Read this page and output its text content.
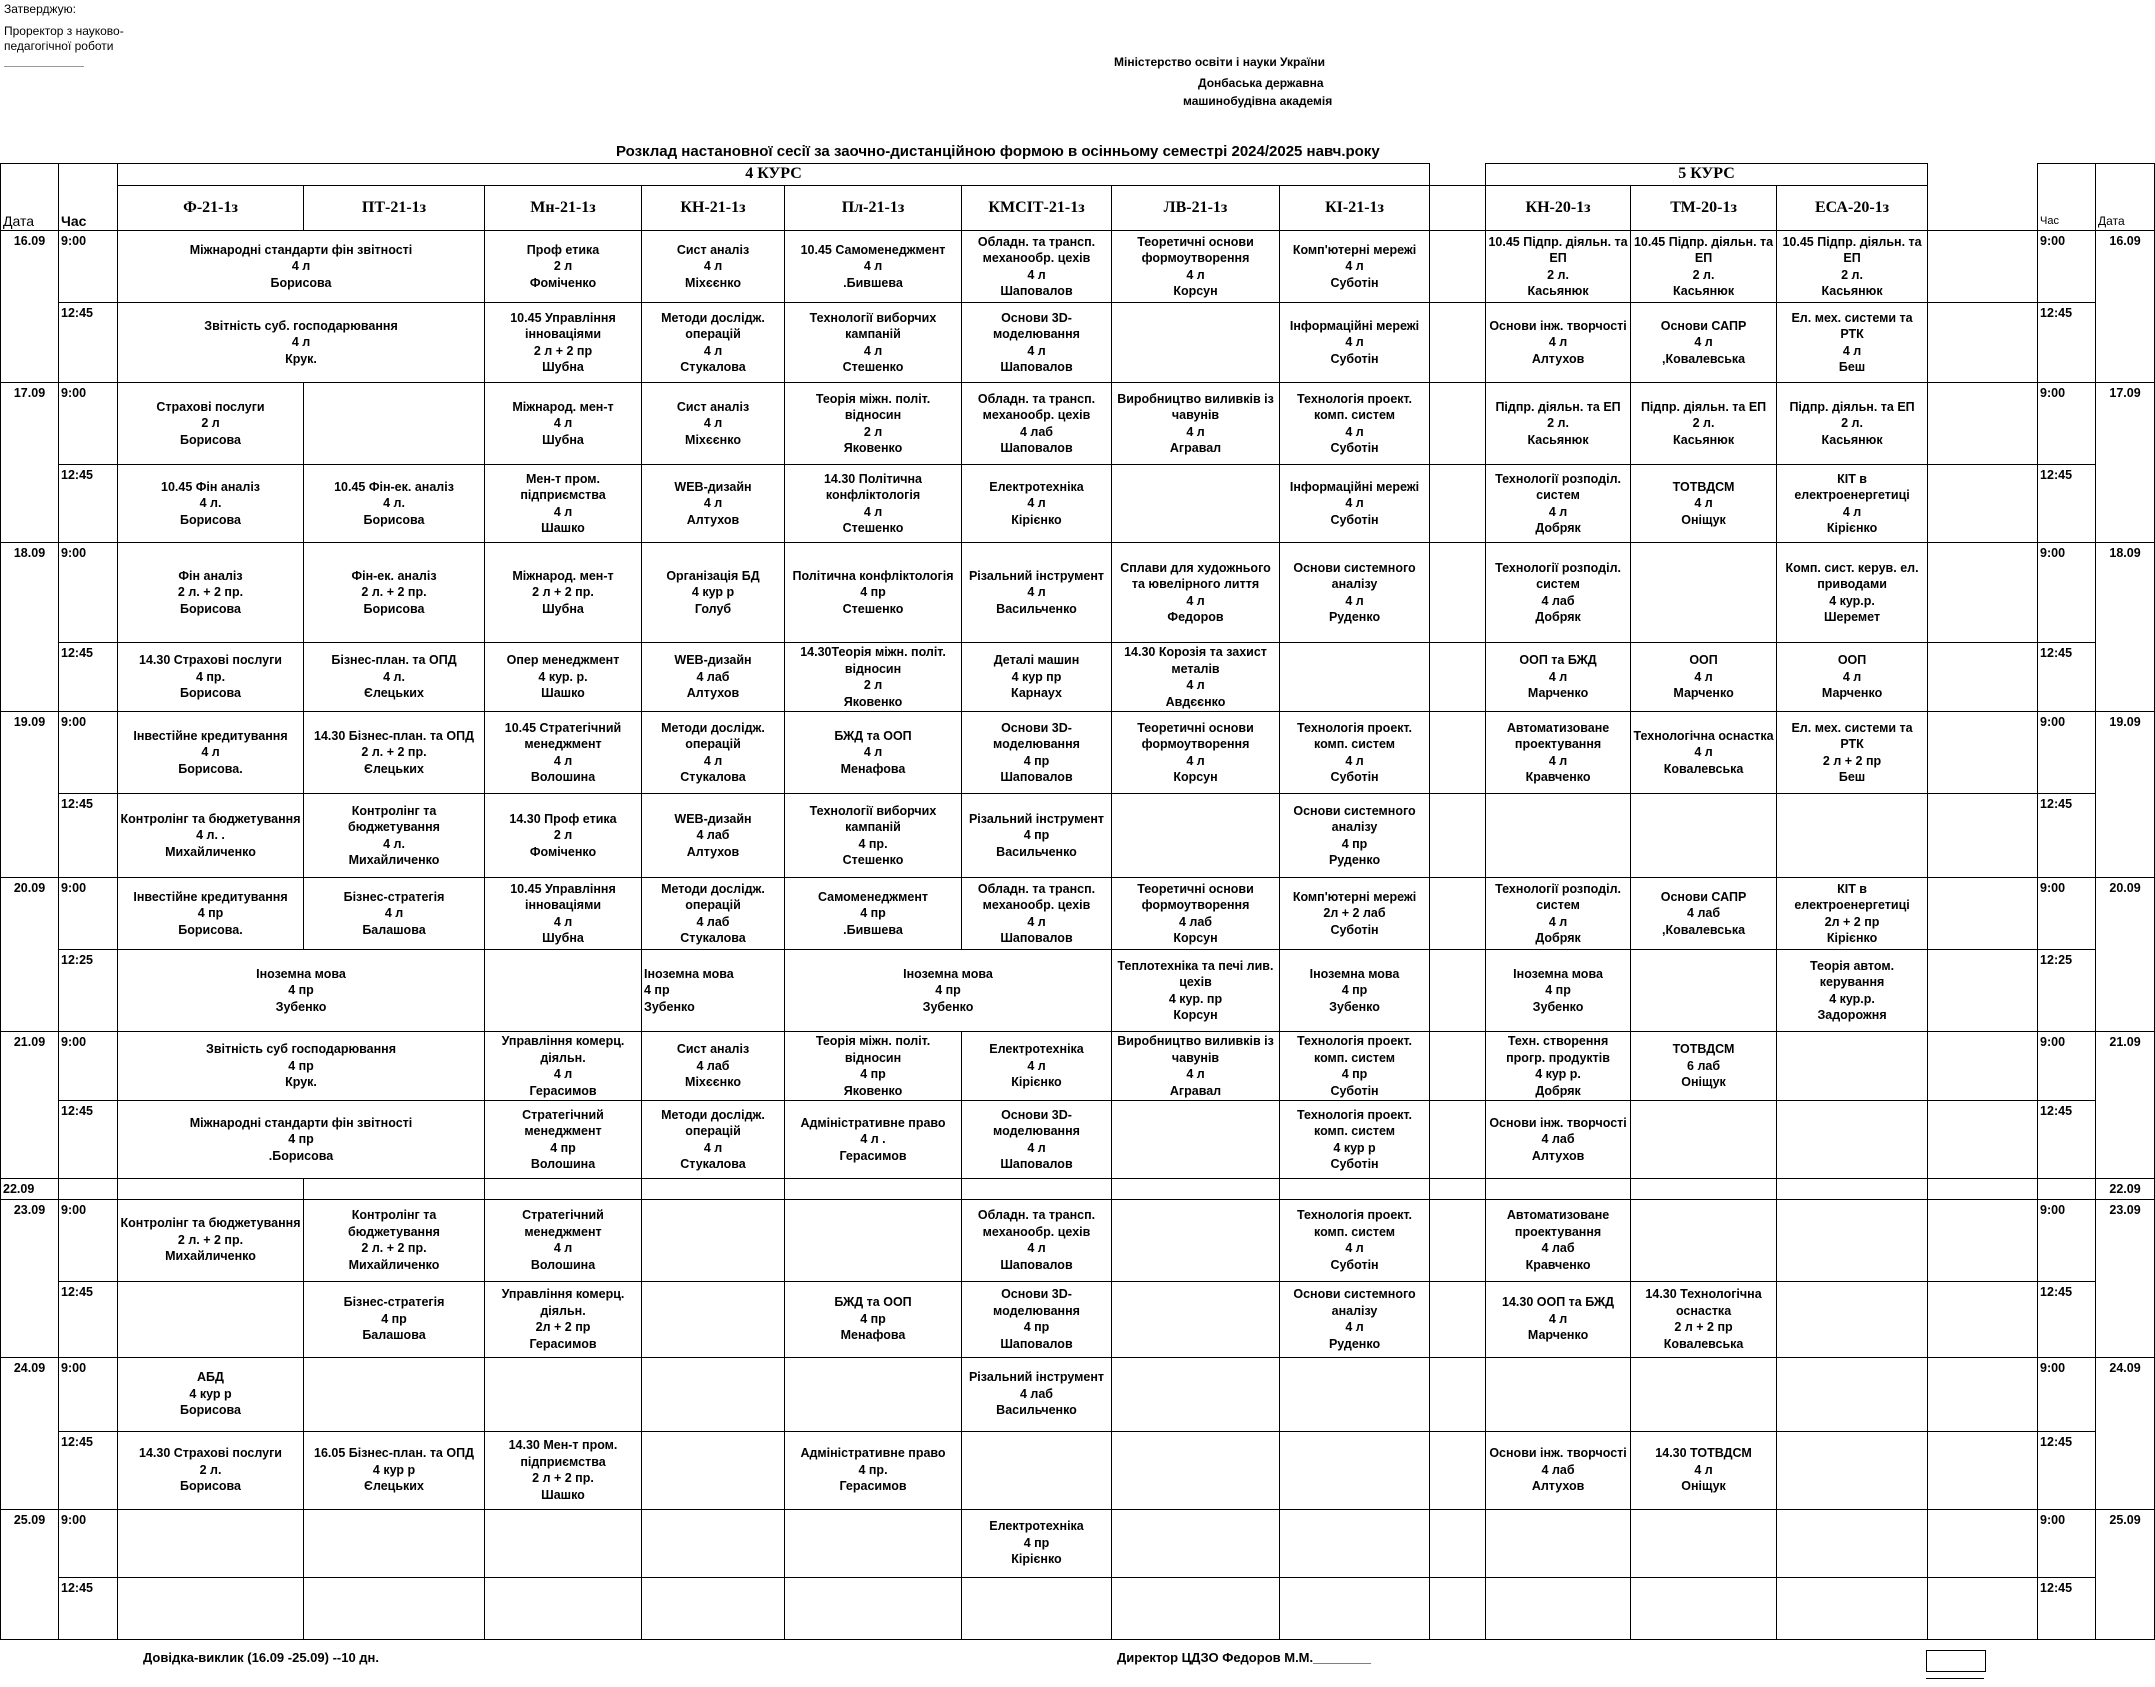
Затверджую:
Проректор з науково-педагогічної роботи
Міністерство освіти і науки України
Донбаська державна
машинобудівна академія
Розклад настановної сесії за заочно-дистанційною формою в осінньому семестрі 2024/2025 навч.року
		4 КУРС									5 КУРС					
Дата	Час	Ф-21-1з	ПТ-21-1з	Мн-21-1з	КН-21-1з	Пл-21-1з	КМСІТ-21-1з	ЛВ-21-1з	КІ-21-1з		КН-20-1з	ТМ-20-1з	ЕСА-20-1з		Час	Дата
16.09	9:00	Міжнародні стандарти фін звітності
4 л
Борисова		Проф етика
2 л
Фоміченко	Сист аналіз
4 л
Міхєєнко	10.45 Самоменеджмент
4 л
.Бившева	Обладн. та трансп. механообр. цехів
4 л
Шаповалов	Теоретичні основи формоутворення
4 л
Корсун	Комп'ютерні мережі
4 л
Суботін		10.45 Підпр. діяльн. та ЕП
2 л.
Касьянюк	10.45 Підпр. діяльн. та ЕП
2 л.
Касьянюк	10.45 Підпр. діяльн. та ЕП
2 л.
Касьянюк		9:00	16.09
	12:45	Звітність суб. господарювання
4 л
Крук.		10.45 Управління інноваціями
2 л + 2 пр
Шубна	Методи дослідж. операцій
4 л
Стукалова	Технології виборчих кампаній
4 л
Стешенко	Основи 3D-моделювання
4 л
Шаповалов		Інформаційні мережі
4 л
Суботін		Основи інж. творчості
4 л
Алтухов	Основи САПР
4 л
,Ковалевська	Ел. мех. системи та РТК
4 л
Беш		12:45	
17.09	9:00	Страхові послуги
2 л
Борисова		Міжнарод. мен-т
4 л
Шубна	Сист аналіз
4 л
Міхєєнко	Теорія міжн. політ. відносин
2 л
Яковенко	Обладн. та трансп. механообр. цехів
4 лаб
Шаповалов	Виробництво виливків із чавунів
4 л
Агравал	Технологія проект. комп. систем
4 л
Суботін		Підпр. діяльн. та ЕП
2 л.
Касьянюк	Підпр. діяльн. та ЕП
2 л.
Касьянюк	Підпр. діяльн. та ЕП
2 л.
Касьянюк		9:00	17.09
	12:45	10.45 Фін аналіз
4 л.
Борисова	10.45 Фін-ек. аналіз
4 л.
Борисова	Мен-т пром. підприємства
4 л
Шашко	WEB-дизайн
4 л
Алтухов	14.30 Політична конфліктологія
4 л
Стешенко	Електротехніка
4 л
Кірієнко		Інформаційні мережі
4 л
Суботін		Технології розподіл. систем
4 л
Добряк	ТОТВДСМ
4 л
Оніщук	КІТ в електроенергетиці
4 л
Кірієнко		12:45	
18.09	9:00	Фін аналіз
2 л. + 2 пр.
Борисова	Фін-ек. аналіз
2 л. + 2 пр.
Борисова	Міжнарод. мен-т
2 л + 2 пр.
Шубна	Організація БД
4 кур р
Голуб	Політична конфліктологія
4 пр
Стешенко	Різальний інструмент
4 л
Васильченко	Сплави для художнього та ювелірного лиття
4 л
Федоров	Основи системного аналізу
4 л
Руденко		Технології розподіл. систем
4 лаб
Добряк		Комп. сист. керув. ел. приводами
4 кур.р.
Шеремет		9:00	18.09
	12:45	14.30 Страхові послуги
4 пр.
Борисова	Бізнес-план. та ОПД
4 л.
Єлецьких	Опер менеджмент
4 кур. р.
Шашко	WEB-дизайн
4 лаб
Алтухов	14.30Теорія міжн. політ. відносин
2 л
Яковенко	Деталі машин
4 кур пр
Карнаух	14.30 Корозія та захист металів
4 л
Авдєєнко			ООП та БЖД
4 л
Марченко	ООП
4 л
Марченко	ООП
4 л
Марченко		12:45	
19.09	9:00	Інвестійне кредитування
4 л
Борисова.	14.30 Бізнес-план. та ОПД
2 л. + 2 пр.
Єлецьких	10.45 Стратегічний менеджмент
4 л
Волошина	Методи дослідж. операцій
4 л
Стукалова	БЖД та ООП
4 л
Менафова	Основи 3D-моделювання
4 пр
Шаповалов	Теоретичні основи формоутворення
4 л
Корсун	Технологія проект. комп. систем
4 л
Суботін		Автоматизоване проектування
4 л
Кравченко	Технологічна оснастка
4 л
Ковалевська	Ел. мех. системи та РТК
2 л + 2 пр
Беш		9:00	19.09
	12:45	Контролінг та бюджетування
4 л. .
Михайличенко	Контролінг та бюджетування
4 л.
Михайличенко	14.30 Проф етика
2 л
Фоміченко	WEB-дизайн
4 лаб
Алтухов	Технології виборчих кампаній
4 пр.
Стешенко	Різальний інструмент
4 пр
Васильченко		Основи системного аналізу
4 пр
Руденко						12:45	
20.09	9:00	Інвестійне кредитування
4 пр
Борисова.	Бізнес-стратегія
4 л
Балашова	10.45 Управління інноваціями
4 л
Шубна	Методи дослідж. операцій
4 лаб
Стукалова	Самоменеджмент
4 пр
.Бившева	Обладн. та трансп. механообр. цехів
4 л
Шаповалов	Теоретичні основи формоутворення
4 лаб
Корсун	Комп'ютерні мережі
2л + 2 лаб
Суботін		Технології розподіл. систем
4 л
Добряк	Основи САПР
4 лаб
,Ковалевська	КІТ в електроенергетиці
2л + 2 пр
Кірієнко		9:00	20.09
	12:25	Іноземна мова
4 пр
Зубенко			Іноземна мова
4 пр
Зубенко	Іноземна мова
4 пр
Зубенко		Теплотехніка та печі лив. цехів
4 кур. пр
Корсун	Іноземна мова
4 пр
Зубенко		Іноземна мова
4 пр
Зубенко		Теорія автом. керування
4 кур.р.
Задорожня		12:25	
21.09	9:00	Звітність суб господарювання
4 пр
Крук.		Управління комерц. діяльн.
4 л
Герасимов	Сист аналіз
4 лаб
Міхєєнко	Теорія міжн. політ. відносин
4 пр
Яковенко	Електротехніка
4 л
Кірієнко	Виробництво виливків із чавунів
4 л
Агравал	Технологія проект. комп. систем
4 пр
Суботін		Техн. створення прогр. продуктів
4 кур р.
Добряк	ТОТВДСМ
6 лаб
Оніщук			9:00	21.09
	12:45	Міжнародні стандарти фін звітності
4 пр
.Борисова		Стратегічний менеджмент
4 пр
Волошина	Методи дослідж. операцій
4 л
Стукалова	Адміністративне право
4 л .
Герасимов	Основи 3D-моделювання
4 л
Шаповалов		Технологія проект. комп. систем
4 кур р
Суботін		Основи інж. творчості
4 лаб
Алтухов				12:45	
22.09																22.09
23.09	9:00	Контролінг та бюджетування
2 л. + 2 пр.
Михайличенко	Контролінг та бюджетування
2 л. + 2 пр.
Михайличенко	Стратегічний менеджмент
4 л
Волошина			Обладн. та трансп. механообр. цехів
4 л
Шаповалов		Технологія проект. комп. систем
4 л
Суботін		Автоматизоване проектування
4 лаб
Кравченко				9:00	23.09
	12:45		Бізнес-стратегія
4 пр
Балашова	Управління комерц. діяльн.
2л + 2 пр
Герасимов		БЖД та ООП
4 пр
Менафова	Основи 3D-моделювання
4 пр
Шаповалов		Основи системного аналізу
4 л
Руденко		14.30 ООП та БЖД
4 л
Марченко	14.30 Технологічна оснастка
2 л + 2 пр
Ковалевська			12:45	
24.09	9:00	АБД
4 кур р
Борисова					Різальний інструмент
4 лаб
Васильченко								9:00	24.09
	12:45	14.30 Страхові послуги
2 л.
Борисова	16.05 Бізнес-план. та ОПД
4 кур р
Єлецьких	14.30 Мен-т пром. підприємства
2 л + 2 пр.
Шашко		Адміністративне право
4 пр.
Герасимов					Основи інж. творчості
4 лаб
Алтухов	14.30 ТОТВДСМ
4 л
Оніщук			12:45	
25.09	9:00						Електротехніка
4 пр
Кірієнко								9:00	25.09
	12:45														12:45	
Довідка-виклик (16.09 -25.09) --10 дн.	Директор ЦДЗО Федоров М.М.________
